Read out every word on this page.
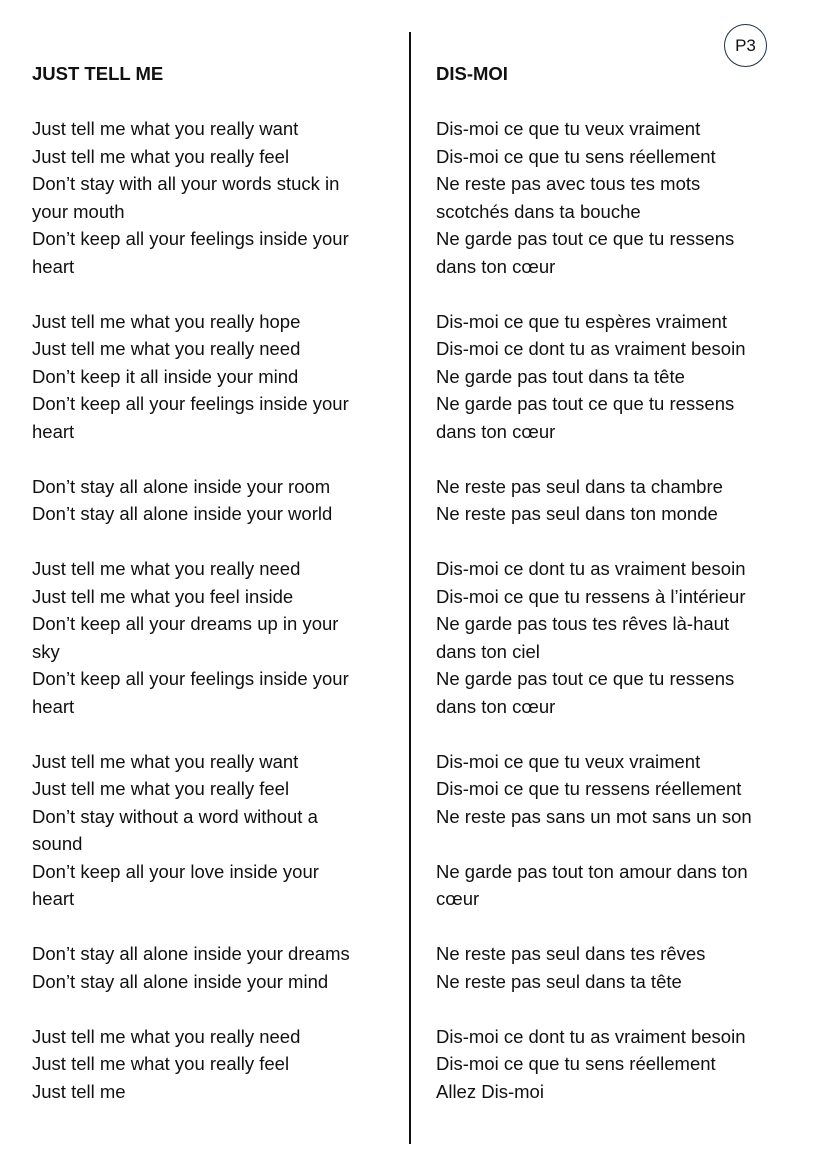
P3
JUST TELL ME
Just tell me what you really want
Just tell me what you really feel
Don’t stay with all your words stuck in
your mouth
Don’t keep all your feelings inside your
heart
Just tell me what you really hope
Just tell me what you really need
Don’t keep it all inside your mind
Don’t keep all your feelings inside your
heart
Don’t stay all alone inside your room
Don’t stay all alone inside your world
Just tell me what you really need
Just tell me what you feel inside
Don’t keep all your dreams up in your
sky
Don’t keep all your feelings inside your
heart
Just tell me what you really want
Just tell me what you really feel
Don’t stay without a word without a
sound
Don’t keep all your love inside your
heart
Don’t stay all alone inside your dreams
Don’t stay all alone inside your mind
Just tell me what you really need
Just tell me what you really feel
Just tell me
DIS-MOI
Dis-moi ce que tu veux vraiment
Dis-moi ce que tu sens réellement
Ne reste pas avec tous tes mots
scotchés dans ta bouche
Ne garde pas tout ce que tu ressens
dans ton cœur
Dis-moi ce que tu espères vraiment
Dis-moi ce dont tu as vraiment besoin
Ne garde pas tout dans ta tête
Ne garde pas tout ce que tu ressens
dans ton cœur
Ne reste pas seul dans ta chambre
Ne reste pas seul dans ton monde
Dis-moi ce dont tu as vraiment besoin
Dis-moi ce que tu ressens à l’intérieur
Ne garde pas tous tes rêves là-haut
dans ton ciel
Ne garde pas tout ce que tu ressens
dans ton cœur
Dis-moi ce que tu veux vraiment
Dis-moi ce que tu ressens réellement
Ne reste pas sans un mot sans un son

Ne garde pas tout ton amour dans ton
cœur
Ne reste pas seul dans tes rêves
Ne reste pas seul dans ta tête
Dis-moi ce dont tu as vraiment besoin
Dis-moi ce que tu sens réellement
Allez Dis-moi
